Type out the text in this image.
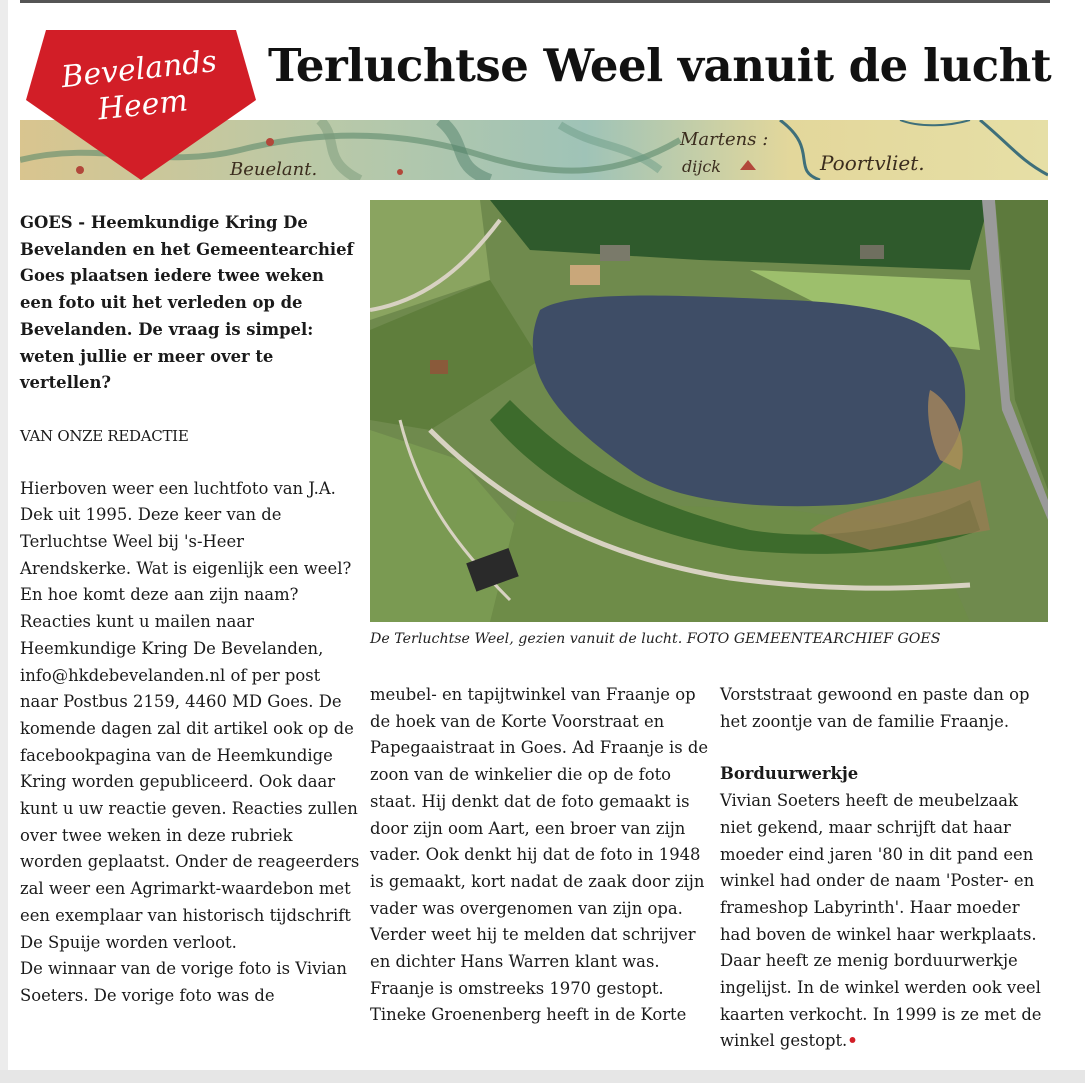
Beuelant.
Martens :
dijck	Poortvliet.
Bevelands
Heem
Terluchtse Weel vanuit de lucht

GOES - Heemkundige Kring De Bevelanden en het Gemeentearchief Goes plaatsen iedere twee weken een foto uit het verleden op de Bevelanden. De vraag is simpel: weten jullie er meer over te vertellen?

VAN ONZE REDACTIE

Hierboven weer een luchtfoto van J.A. Dek uit 1995. Deze keer van de Terluchtse Weel bij 's-Heer Arendskerke. Wat is eigenlijk een weel? En hoe komt deze aan zijn naam? Reacties kunt u mailen naar Heemkundige Kring De Bevelanden, info@hkdebevelanden.nl of per post naar Postbus 2159, 4460 MD Goes. De komende dagen zal dit artikel ook op de facebookpagina van de Heemkundige Kring worden gepubliceerd. Ook daar kunt u uw reactie geven. Reacties zullen over twee weken in deze rubriek worden geplaatst. Onder de reageerders zal weer een Agrimarkt-waardebon met een exemplaar van historisch tijdschrift De Spuije worden verloot.

De winnaar van de vorige foto is Vivian Soeters. De vorige foto was de

De Terluchtse Weel, gezien vanuit de lucht. FOTO GEMEENTEARCHIEF GOES

meubel- en tapijtwinkel van Fraanje op de hoek van de Korte Voorstraat en Papegaaistraat in Goes. Ad Fraanje is de zoon van de winkelier die op de foto staat. Hij denkt dat de foto gemaakt is door zijn oom Aart, een broer van zijn vader. Ook denkt hij dat de foto in 1948 is gemaakt, kort nadat de zaak door zijn vader was overgenomen van zijn opa. Verder weet hij te melden dat schrijver en dichter Hans Warren klant was. Fraanje is omstreeks 1970 gestopt. Tineke Groenenberg heeft in de Korte

Vorststraat gewoond en paste dan op het zoontje van de familie Fraanje.

Borduurwerkje

Vivian Soeters heeft de meubelzaak niet gekend, maar schrijft dat haar moeder eind jaren '80 in dit pand een winkel had onder de naam 'Poster- en frameshop Labyrinth'. Haar moeder had boven de winkel haar werkplaats. Daar heeft ze menig borduurwerkje ingelijst. In de winkel werden ook veel kaarten verkocht. In 1999 is ze met de winkel gestopt.•
